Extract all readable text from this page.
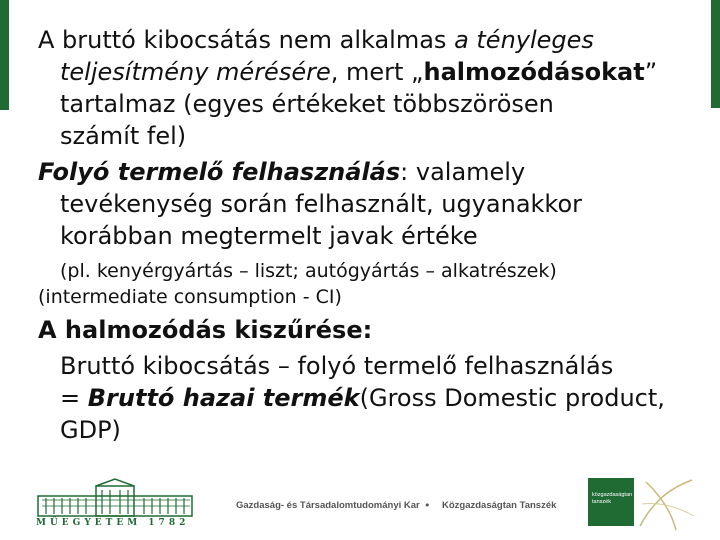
A bruttó kibocsátás nem alkalmas a tényleges
teljesítmény mérésére, mert „halmozódásokat”
tartalmaz (egyes értékeket többszörösen
számít fel)
Folyó termelő felhasználás: valamely
tevékenység során felhasznált, ugyanakkor
korábban megtermelt javak értéke
(pl. kenyérgyártás – liszt; autógyártás – alkatrészek)
(intermediate consumption - CI)
A halmozódás kiszűrése:
Bruttó kibocsátás – folyó termelő felhasználás
= Bruttó hazai termék(Gross Domestic product,
GDP)
MŰEGYETEM 1782
Gazdaság- és Társadalomtudományi Kar • Közgazdaságtan Tanszék
közgazdaságtan tanszék
